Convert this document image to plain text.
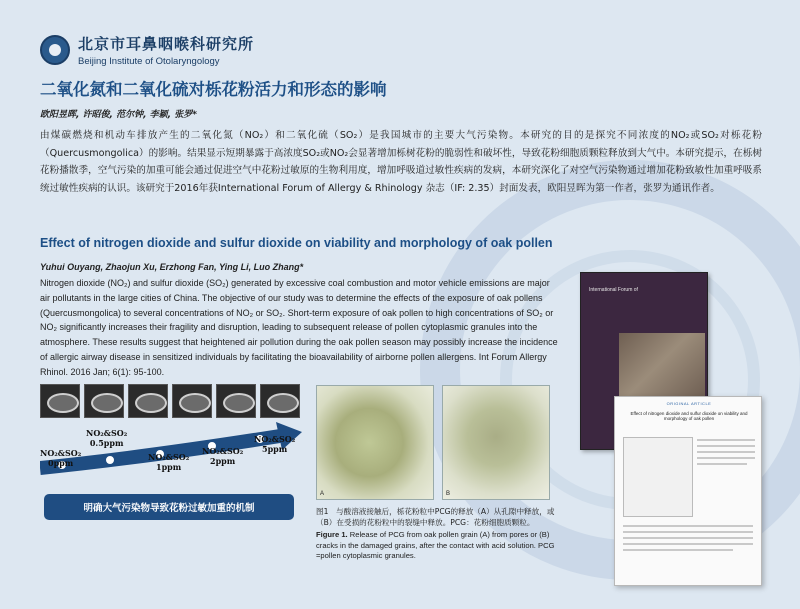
北京市耳鼻咽喉科研究所
Beijing Institute of Otolaryngology
二氧化氮和二氧化硫对栎花粉活力和形态的影响
欧阳昱晖, 许昭俊, 范尔钟, 李颖, 张罗*
由煤碳燃烧和机动车排放产生的二氧化氮（NO₂）和二氧化硫（SO₂）是我国城市的主要大气污染物。本研究的目的是探究不同浓度的NO₂或SO₂对栎花粉（Quercusmongolica）的影响。结果显示短期暴露于高浓度SO₂或NO₂会显著增加栎树花粉的脆弱性和破坏性，导致花粉细胞质颗粒释放到大气中。本研究提示，在栎树花粉播散季，空气污染的加重可能会通过促进空气中花粉过敏原的生物利用度，增加呼吸道过敏性疾病的发病，本研究深化了对空气污染物通过增加花粉致敏性加重呼吸系统过敏性疾病的认识。该研究于2016年获International Forum of Allergy & Rhinology 杂志（IF: 2.35）封面发表，欧阳昱晖为第一作者，张罗为通讯作者。
Effect of nitrogen dioxide and sulfur dioxide on viability and morphology of oak pollen
Yuhui Ouyang, Zhaojun Xu, Erzhong Fan, Ying Li, Luo Zhang*
Nitrogen dioxide (NO₂) and sulfur dioxide (SO₂) generated by excessive coal combustion and motor vehicle emissions are major air pollutants in the large cities of China. The objective of our study was to determine the effects of the exposure of oak pollens (Quercusmongolica) to several concentrations of NO₂ or SO₂. Short-term exposure of oak pollen to high concentrations of SO₂ or NO₂ significantly increases their fragility and disruption, leading to subsequent release of pollen cytoplasmic granules into the atmosphere. These results suggest that heightened air pollution during the oak pollen season may possibly increase the incidence of allergic airway disease in sensitized individuals by facilitating the bioavailability of airborne pollen allergens. Int Forum Allergy Rhinol. 2016 Jan; 6(1): 95-100.
NO₂&SO₂
0ppm
NO₂&SO₂
0.5ppm
NO₂&SO₂
1ppm
NO₂&SO₂
2ppm
NO₂&SO₂
5ppm
明确大气污染物导致花粉过敏加重的机制
A	B
图1　与酸溶液接触后，栎花粉粒中PCG的释放（A）从孔隙中释放，或（B）在受损的花粉粒中的裂缝中释放。PCG：花粉细胞质颗粒。
Figure 1. Release of PCG from oak pollen grain (A) from pores or (B) cracks in the damaged grains, after the contact with acid solution. PCG =pollen cytoplasmic granules.
International Forum of
ORIGINAL ARTICLE
Effect of nitrogen dioxide and sulfur dioxide on viability and morphology of oak pollen
